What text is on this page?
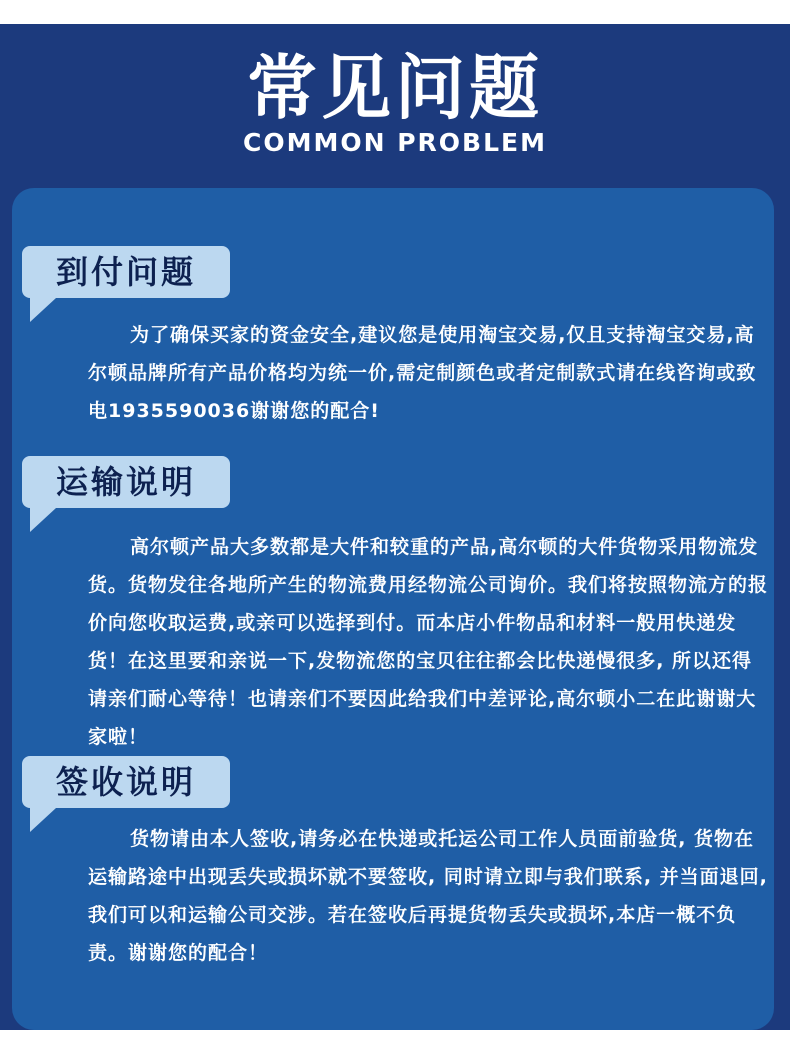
常见问题
COMMON PROBLEM
到付问题

为了确保买家的资金安全,建议您是使用淘宝交易,仅且支持淘宝交易,高尔顿品牌所有产品价格均为统一价,需定制颜色或者定制款式请在线咨询或致电1935590036谢谢您的配合!

运输说明

高尔顿产品大多数都是大件和较重的产品,高尔顿的大件货物采用物流发货。货物发往各地所产生的物流费用经物流公司询价。我们将按照物流方的报价向您收取运费,或亲可以选择到付。而本店小件物品和材料一般用快递发货！在这里要和亲说一下,发物流您的宝贝往往都会比快递慢很多, 所以还得请亲们耐心等待！也请亲们不要因此给我们中差评论,高尔顿小二在此谢谢大家啦！

签收说明

货物请由本人签收,请务必在快递或托运公司工作人员面前验货, 货物在运输路途中出现丢失或损坏就不要签收, 同时请立即与我们联系, 并当面退回, 我们可以和运输公司交涉。若在签收后再提货物丢失或损坏,本店一概不负责。谢谢您的配合！
